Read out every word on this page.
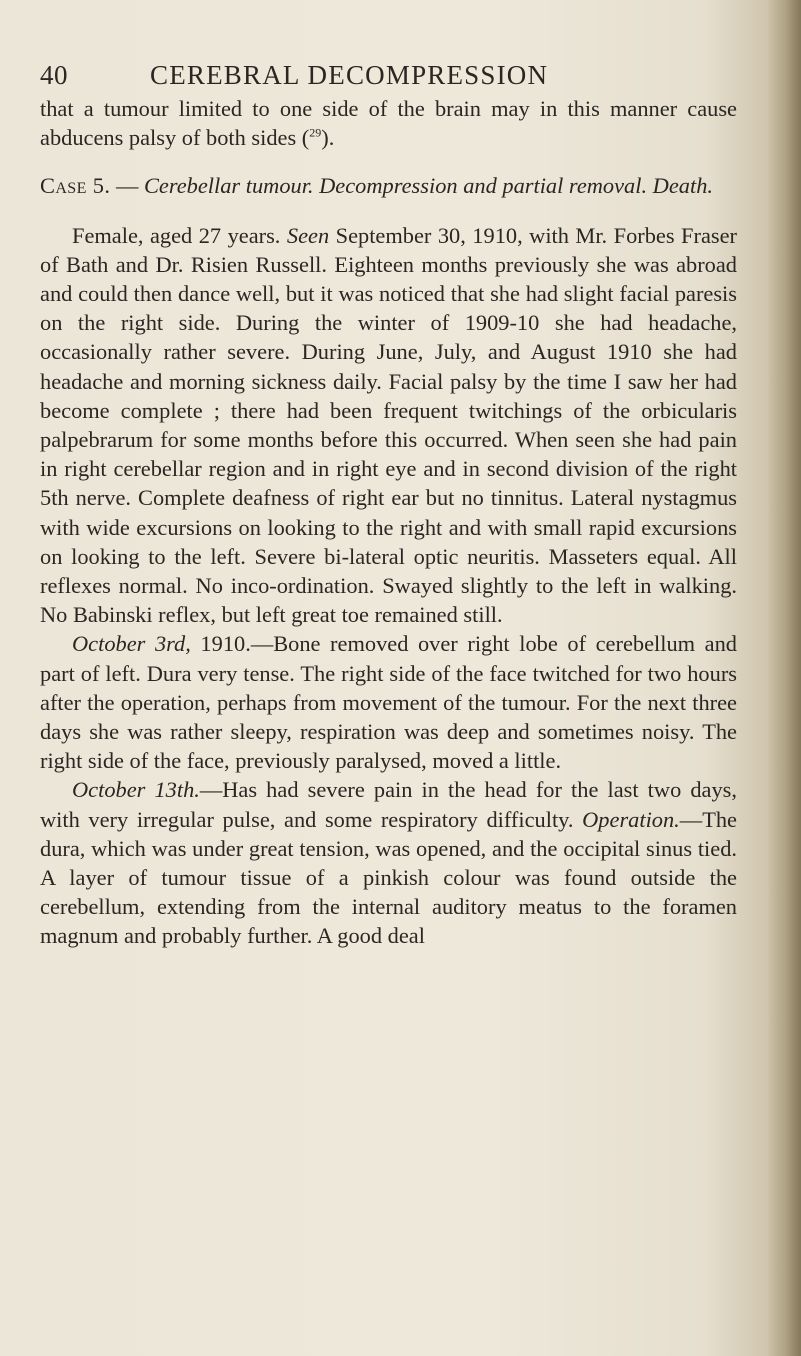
40	CEREBRAL DECOMPRESSION

that a tumour limited to one side of the brain may in this manner cause abducens palsy of both sides ($^{29}$).

Case 5. — Cerebellar tumour. Decompression and partial removal. Death.

Female, aged 27 years. Seen September 30, 1910, with Mr. Forbes Fraser of Bath and Dr. Risien Russell. Eighteen months previously she was abroad and could then dance well, but it was noticed that she had slight facial paresis on the right side. During the winter of 1909-10 she had headache, occasionally rather severe. During June, July, and August 1910 she had headache and morning sickness daily. Facial palsy by the time I saw her had become complete ; there had been frequent twitchings of the orbicularis palpebrarum for some months before this occurred. When seen she had pain in right cerebellar region and in right eye and in second division of the right 5th nerve. Complete deafness of right ear but no tinnitus. Lateral nystagmus with wide excursions on looking to the right and with small rapid excursions on looking to the left. Severe bi-lateral optic neuritis. Masseters equal. All reflexes normal. No inco-ordination. Swayed slightly to the left in walking. No Babinski reflex, but left great toe remained still.

October 3rd, 1910.—Bone removed over right lobe of cerebellum and part of left. Dura very tense. The right side of the face twitched for two hours after the operation, perhaps from movement of the tumour. For the next three days she was rather sleepy, respiration was deep and sometimes noisy. The right side of the face, previously paralysed, moved a little.

October 13th.—Has had severe pain in the head for the last two days, with very irregular pulse, and some respiratory difficulty. Operation.—The dura, which was under great tension, was opened, and the occipital sinus tied. A layer of tumour tissue of a pinkish colour was found outside the cerebellum, extending from the internal auditory meatus to the foramen magnum and probably further. A good deal
